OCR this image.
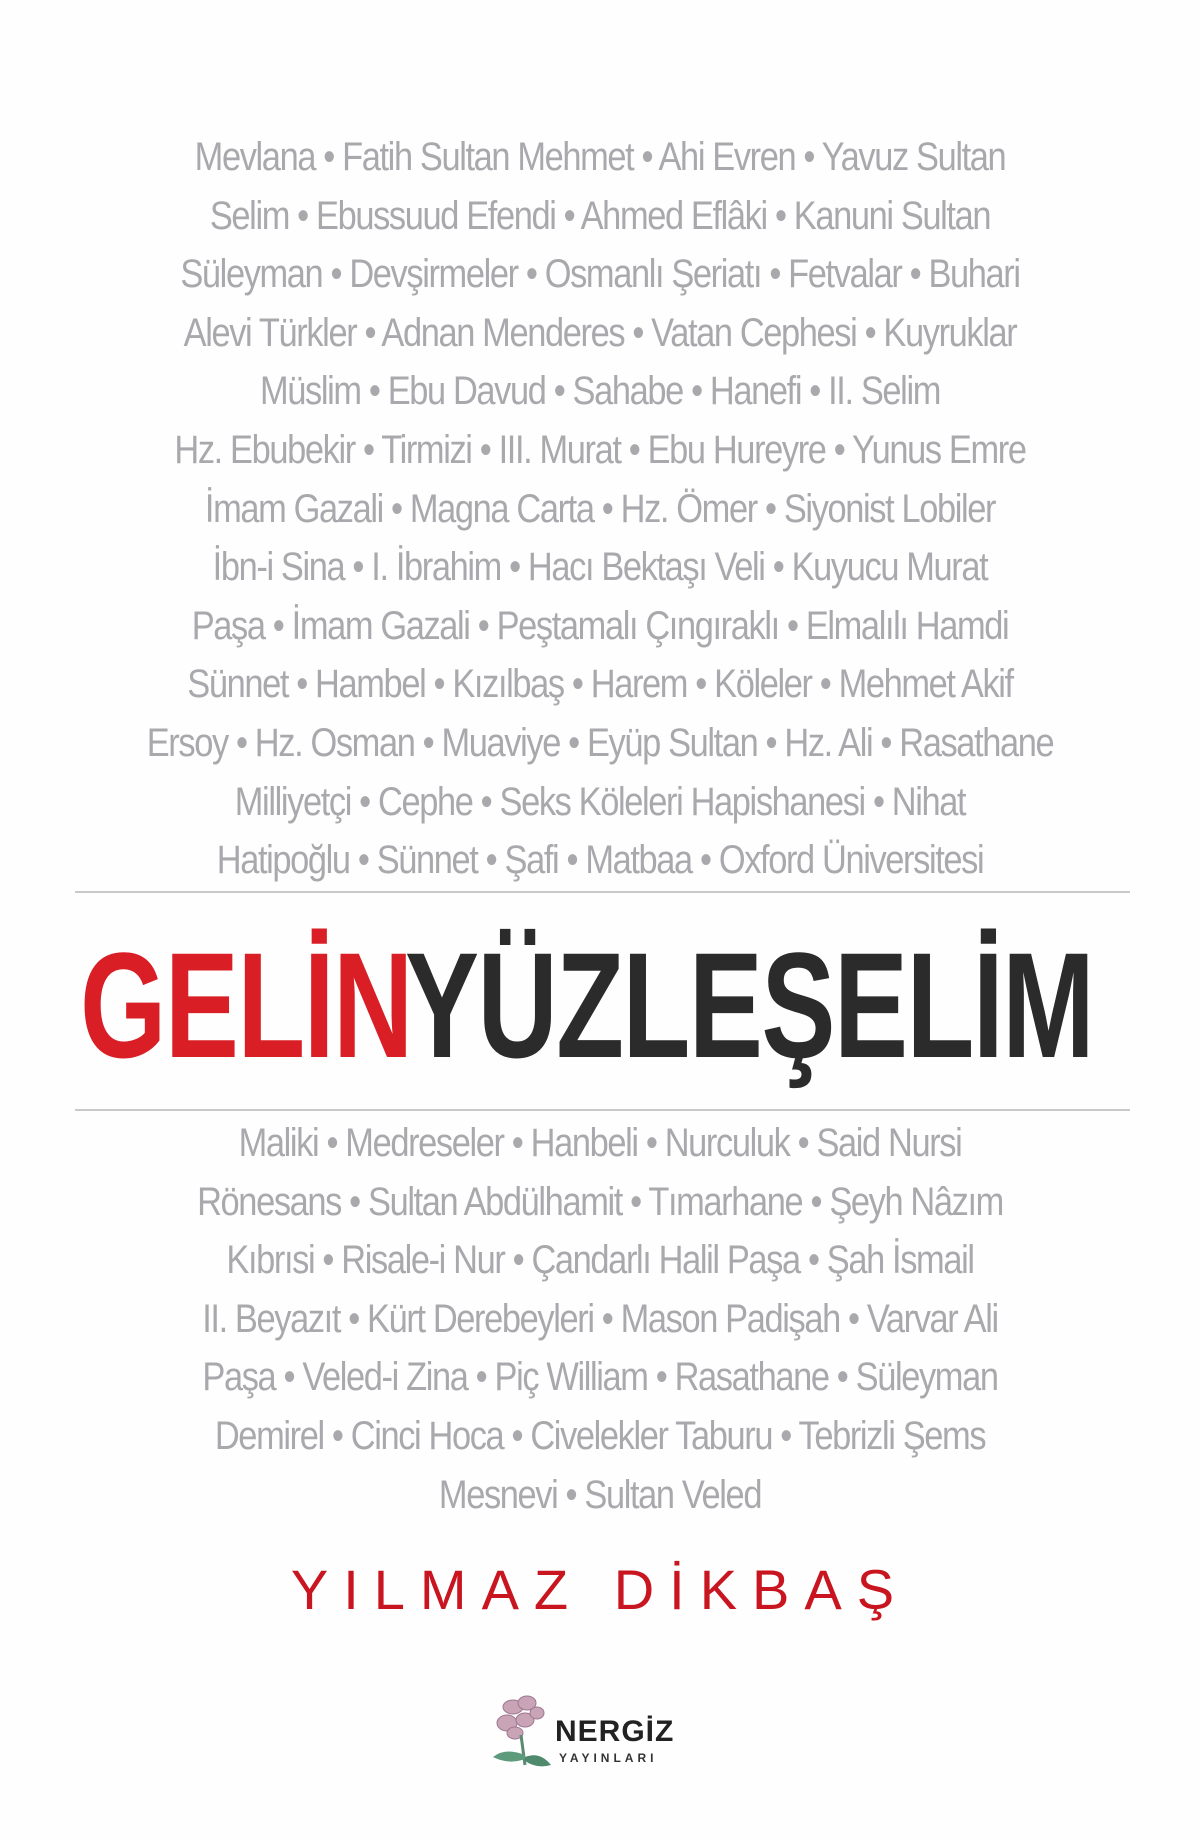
Mevlana • Fatih Sultan Mehmet • Ahi Evren • Yavuz Sultan
Selim • Ebussuud Efendi • Ahmed Eflâki • Kanuni Sultan
Süleyman • Devşirmeler • Osmanlı Şeriatı • Fetvalar • Buhari
Alevi Türkler • Adnan Menderes • Vatan Cephesi • Kuyruklar
Müslim • Ebu Davud • Sahabe • Hanefi • II. Selim
Hz. Ebubekir • Tirmizi • III. Murat • Ebu Hureyre • Yunus Emre
İmam Gazali • Magna Carta • Hz. Ömer • Siyonist Lobiler
İbn-i Sina • I. İbrahim • Hacı Bektaşı Veli • Kuyucu Murat
Paşa • İmam Gazali • Peştamalı Çıngıraklı • Elmalılı Hamdi
Sünnet • Hambel • Kızılbaş • Harem • Köleler • Mehmet Akif
Ersoy • Hz. Osman • Muaviye • Eyüp Sultan • Hz. Ali • Rasathane
Milliyetçi • Cephe • Seks Köleleri Hapishanesi • Nihat
Hatipoğlu • Sünnet • Şafi • Matbaa • Oxford Üniversitesi
GELİN
YÜZLEŞELİM
Maliki • Medreseler • Hanbeli • Nurculuk • Said Nursi
Rönesans • Sultan Abdülhamit • Tımarhane • Şeyh Nâzım
Kıbrısi • Risale-i Nur • Çandarlı Halil Paşa • Şah İsmail
II. Beyazıt • Kürt Derebeyleri • Mason Padişah • Varvar Ali
Paşa • Veled-i Zina • Piç William • Rasathane • Süleyman
Demirel • Cinci Hoca • Civelekler Taburu • Tebrizli Şems
Mesnevi • Sultan Veled
YILMAZ DİKBAŞ
NERGİZ
YAYINLARI
